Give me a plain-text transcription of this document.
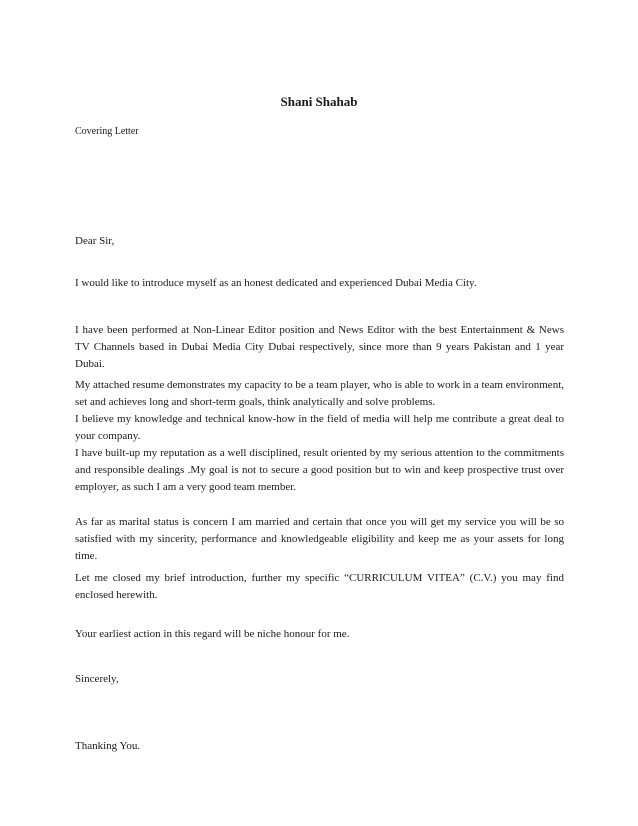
Shani Shahab

Covering Letter

Dear Sir,

I would like to introduce myself as an honest dedicated and experienced Dubai Media City.

I have been performed at Non-Linear Editor position and News Editor with the best Entertainment & News TV Channels based in Dubai Media City Dubai respectively, since more than 9 years Pakistan and 1 year Dubai.

My attached resume demonstrates my capacity to be a team player, who is able to work in a team environment, set and achieves long and short-term goals, think analytically and solve problems.

I believe my knowledge and technical know-how in the field of media will help me contribute a great deal to your company.

I have built-up my reputation as a well disciplined, result oriented by my serious attention to the commitments and responsible dealings .My goal is not to secure a good position but to win and keep prospective trust over employer, as such I am a very good team member.

As far as marital status is concern I am married and certain that once you will get my service you will be so satisfied with my sincerity, performance and knowledgeable eligibility and keep me as your assets for long time.

Let me closed my brief introduction, further my specific “CURRICULUM VITEA” (C.V.) you may find enclosed herewith.

Your earliest action in this regard will be niche honour for me.

Sincerely,

Thanking You.
